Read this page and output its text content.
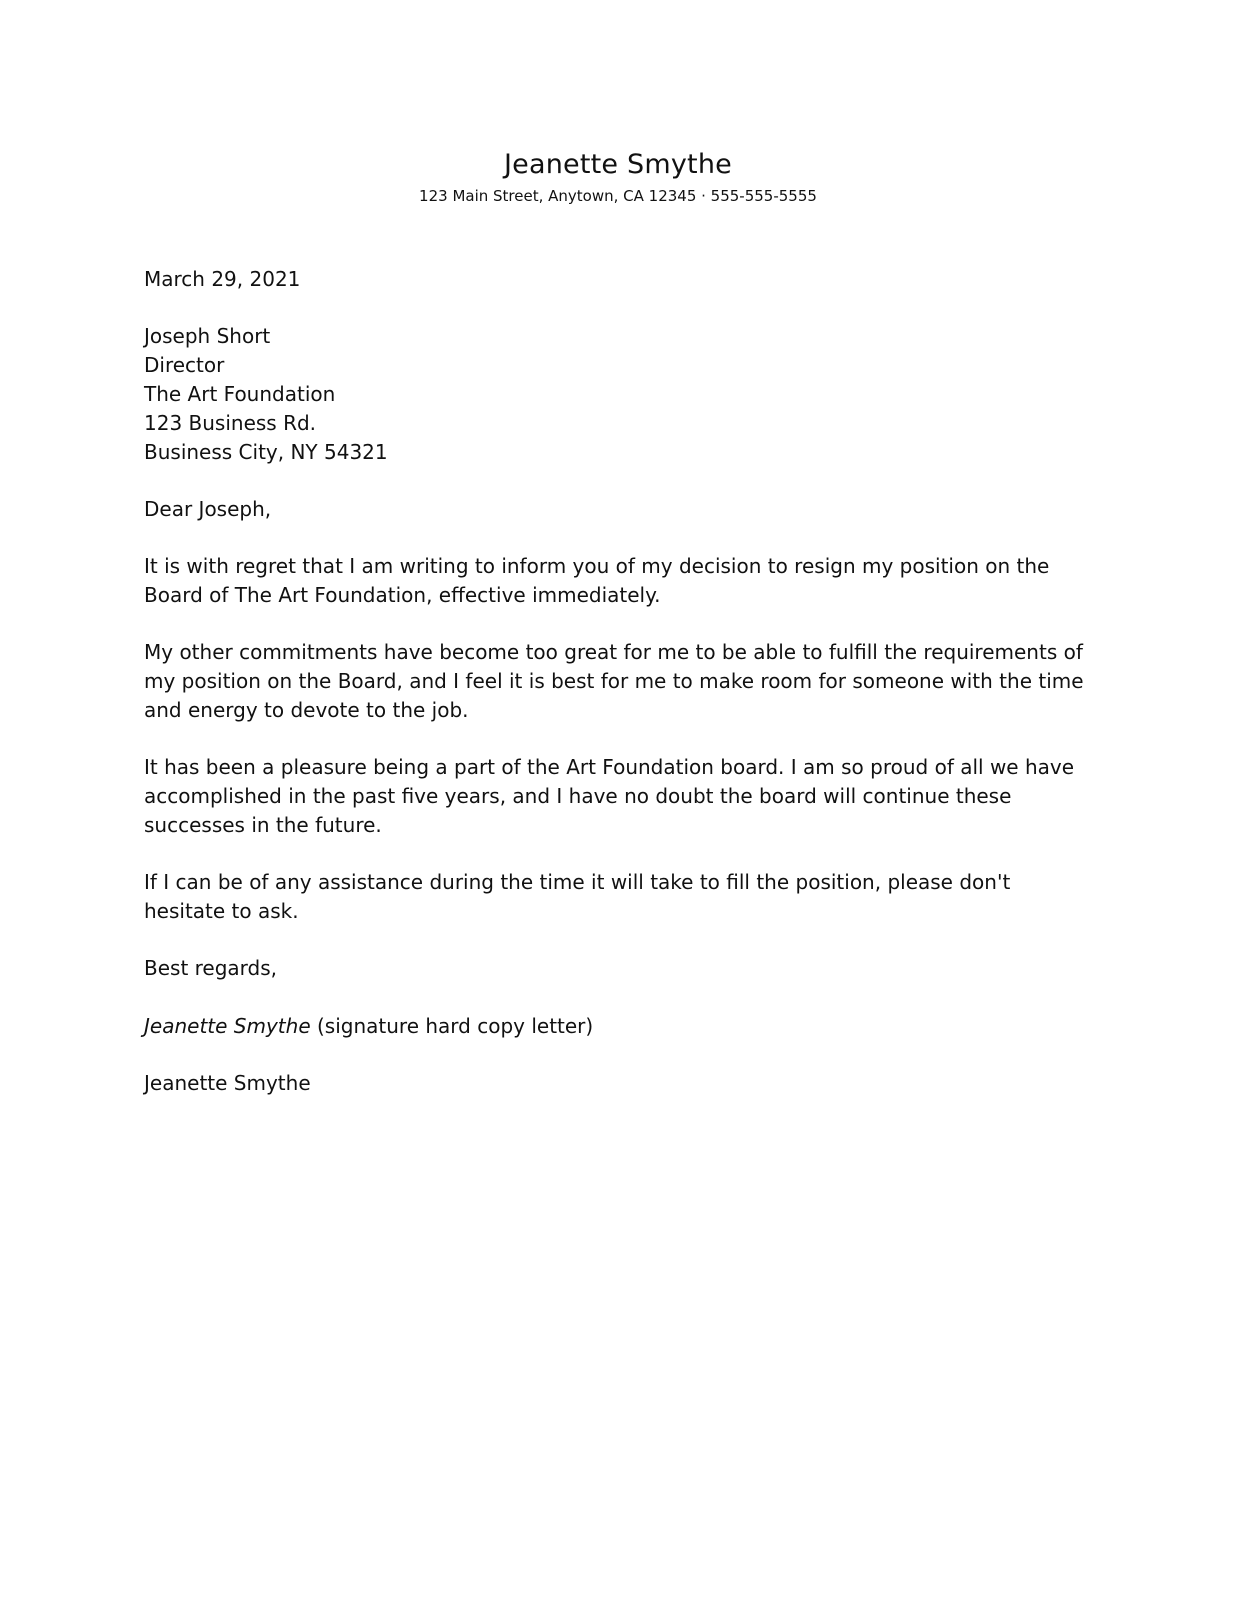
Jeanette Smythe
123 Main Street, Anytown, CA 12345 · 555-555-5555

March 29, 2021

Joseph Short
Director
The Art Foundation
123 Business Rd.
Business City, NY 54321

Dear Joseph,

It is with regret that I am writing to inform you of my decision to resign my position on the Board of The Art Foundation, effective immediately.

My other commitments have become too great for me to be able to fulfill the requirements of my position on the Board, and I feel it is best for me to make room for someone with the time and energy to devote to the job.

It has been a pleasure being a part of the Art Foundation board. I am so proud of all we have accomplished in the past five years, and I have no doubt the board will continue these successes in the future.

If I can be of any assistance during the time it will take to fill the position, please don't hesitate to ask.

Best regards,

Jeanette Smythe (signature hard copy letter)

Jeanette Smythe
